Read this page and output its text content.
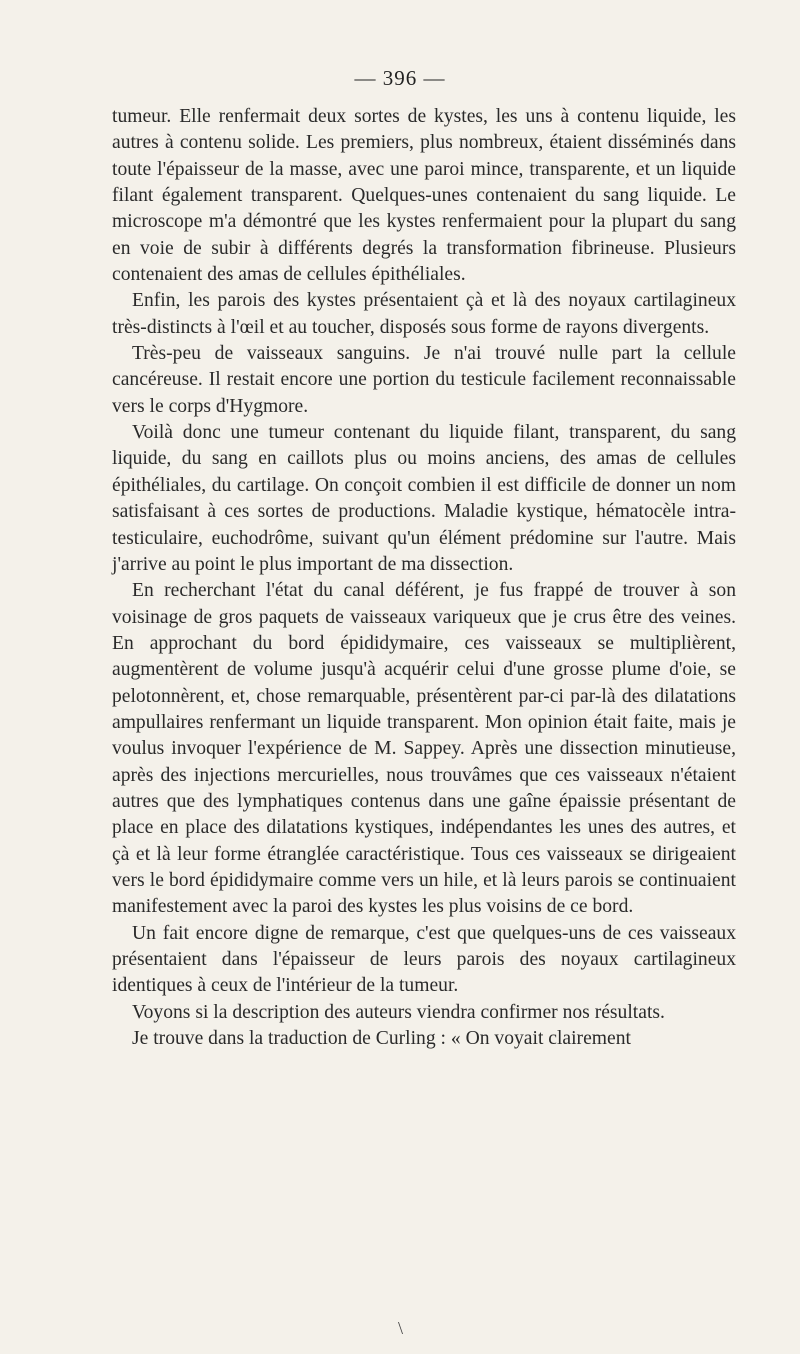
— 396 —

tumeur. Elle renfermait deux sortes de kystes, les uns à contenu liquide, les autres à contenu solide. Les premiers, plus nombreux, étaient disséminés dans toute l'épaisseur de la masse, avec une paroi mince, transparente, et un liquide filant également transparent. Quelques-unes contenaient du sang liquide. Le microscope m'a démontré que les kystes renfermaient pour la plupart du sang en voie de subir à différents degrés la transformation fibrineuse. Plusieurs contenaient des amas de cellules épithéliales.

Enfin, les parois des kystes présentaient çà et là des noyaux cartilagineux très-distincts à l'œil et au toucher, disposés sous forme de rayons divergents.

Très-peu de vaisseaux sanguins. Je n'ai trouvé nulle part la cellule cancéreuse. Il restait encore une portion du testicule facilement reconnaissable vers le corps d'Hygmore.

Voilà donc une tumeur contenant du liquide filant, transparent, du sang liquide, du sang en caillots plus ou moins anciens, des amas de cellules épithéliales, du cartilage. On conçoit combien il est difficile de donner un nom satisfaisant à ces sortes de productions. Maladie kystique, hématocèle intra-testiculaire, euchodrôme, suivant qu'un élément prédomine sur l'autre. Mais j'arrive au point le plus important de ma dissection.

En recherchant l'état du canal déférent, je fus frappé de trouver à son voisinage de gros paquets de vaisseaux variqueux que je crus être des veines. En approchant du bord épididymaire, ces vaisseaux se multiplièrent, augmentèrent de volume jusqu'à acquérir celui d'une grosse plume d'oie, se pelotonnèrent, et, chose remarquable, présentèrent par-ci par-là des dilatations ampullaires renfermant un liquide transparent. Mon opinion était faite, mais je voulus invoquer l'expérience de M. Sappey. Après une dissection minutieuse, après des injections mercurielles, nous trouvâmes que ces vaisseaux n'étaient autres que des lymphatiques contenus dans une gaîne épaissie présentant de place en place des dilatations kystiques, indépendantes les unes des autres, et çà et là leur forme étranglée caractéristique. Tous ces vaisseaux se dirigeaient vers le bord épididymaire comme vers un hile, et là leurs parois se continuaient manifestement avec la paroi des kystes les plus voisins de ce bord.

Un fait encore digne de remarque, c'est que quelques-uns de ces vaisseaux présentaient dans l'épaisseur de leurs parois des noyaux cartilagineux identiques à ceux de l'intérieur de la tumeur.

Voyons si la description des auteurs viendra confirmer nos résultats.

Je trouve dans la traduction de Curling : « On voyait clairement

\
